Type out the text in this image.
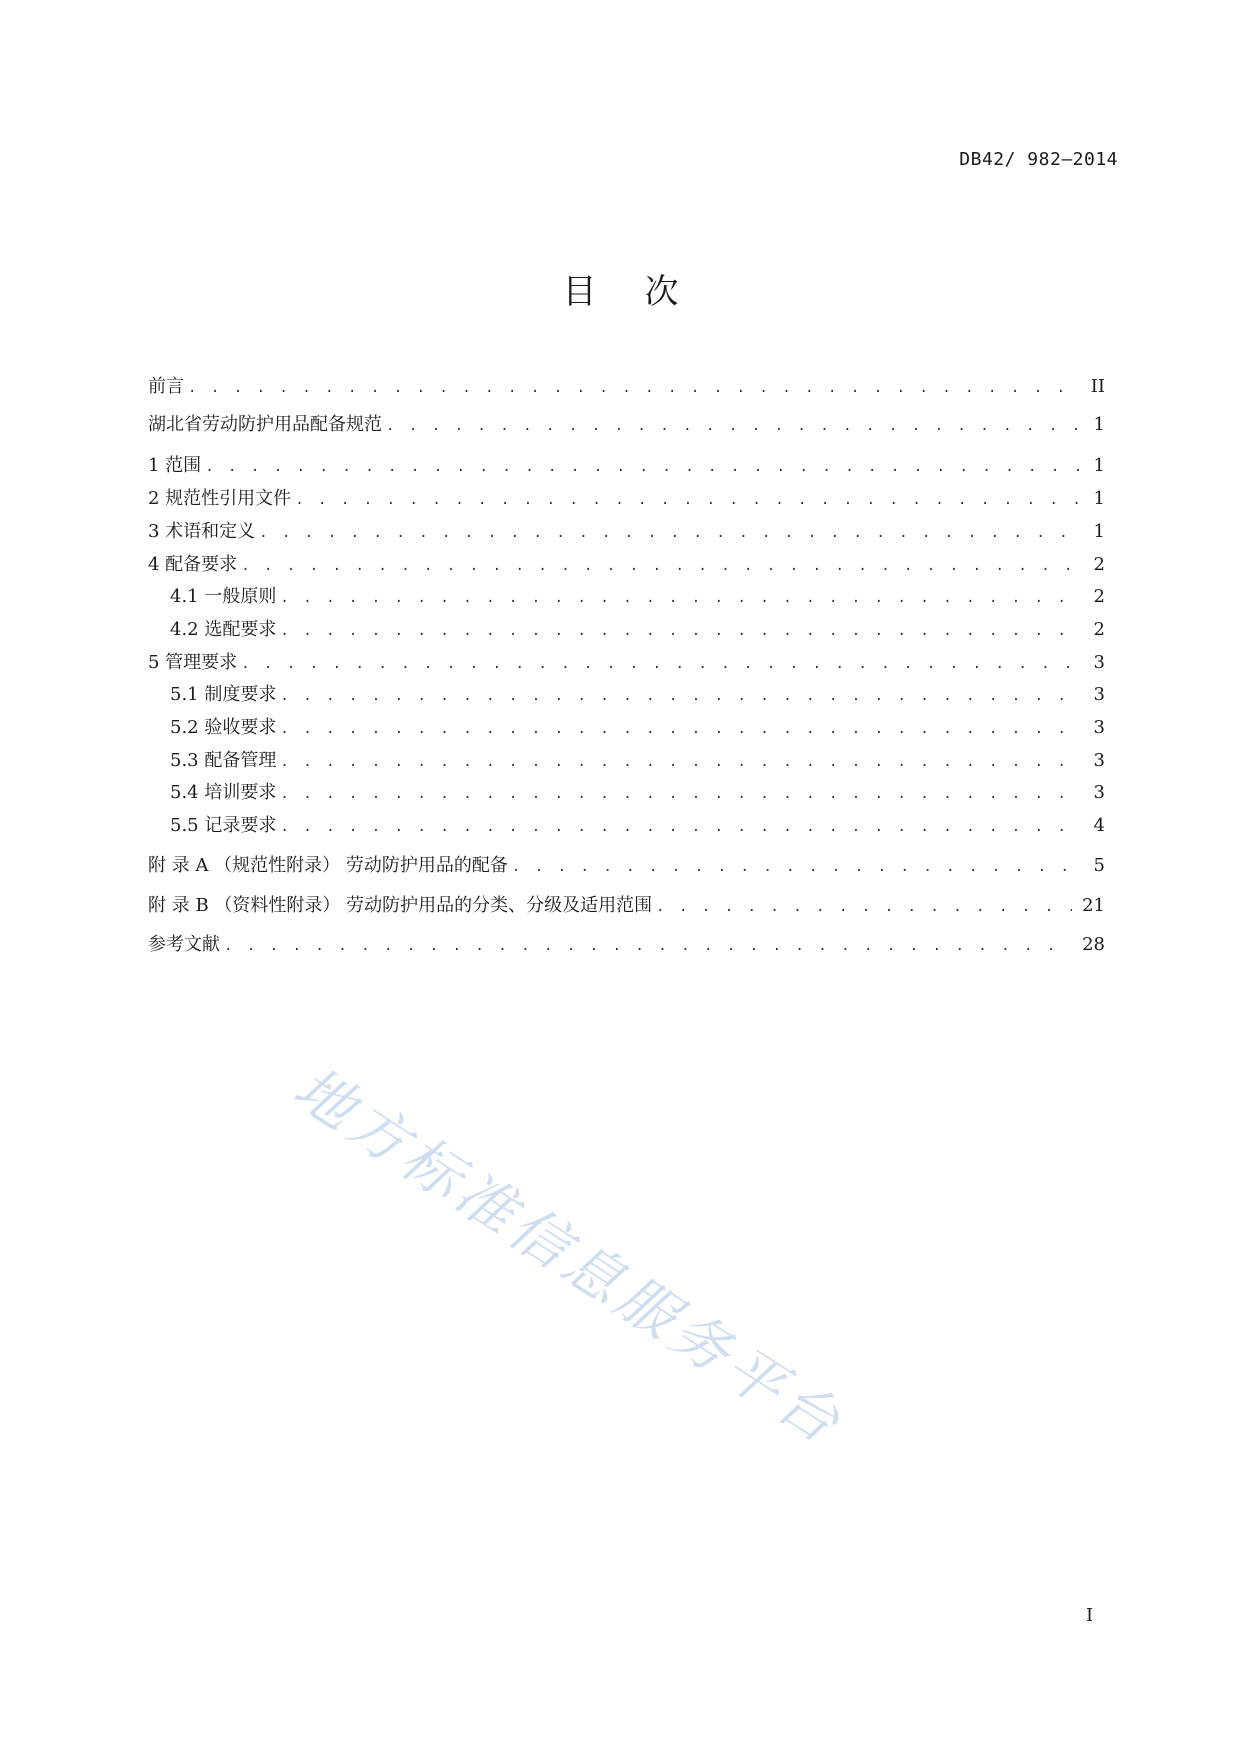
DB42/ 982—2014
目次
前言 . . .	II
湖北省劳动防护用品配备规范 . . .	1
1 范围 . . .	1
2 规范性引用文件 . . .	1
3 术语和定义 . . .	1
4 配备要求 . . .	2
4.1 一般原则 . . .	2
4.2 选配要求 . . .	2
5 管理要求 . . .	3
5.1 制度要求 . . .	3
5.2 验收要求 . . .	3
5.3 配备管理 . . .	3
5.4 培训要求 . . .	3
5.5 记录要求 . . .	4
附 录 A （规范性附录） 劳动防护用品的配备 . . .	5
附 录 B （资料性附录） 劳动防护用品的分类、分级及适用范围 . . .	21
参考文献 . . .	28
地方标准信息服务平台
I
